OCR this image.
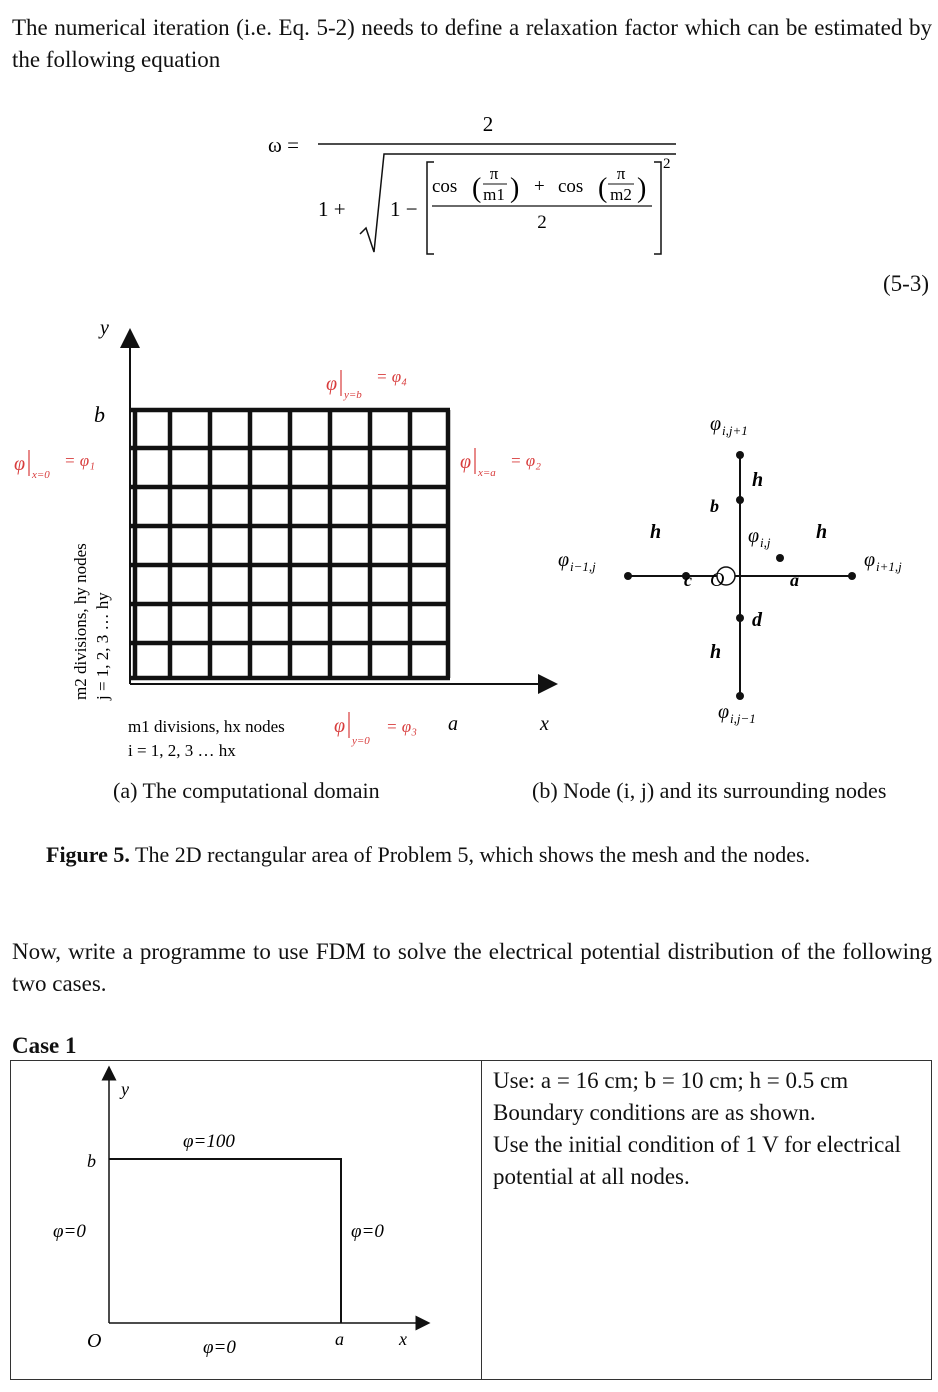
The numerical iteration (i.e. Eq. 5-2) needs to define a relaxation factor which can be estimated by the following equation
ω =
2
1 + 1 −
2
cos ( π
m1 ) + cos ( π
m2 )
2
(5-3)
y
x
b
a
φ y=b
= φ₄
φ x=0
= φ₁	φ x=a
= φ₂
φ
y=0
= φ₃
m2 divisions, hy nodes j = 1, 2, 3 … hy
m1 divisions, hx nodes
i = 1, 2, 3 … hx
(a) The computational domain
φ i,j+1
φ i,j
φ i−1,j	φ i+1,j
φ i,j−1
h
h	h
h
b
c	a
d
O
(b) Node (i, j) and its surrounding nodes
Figure 5. The 2D rectangular area of Problem 5, which shows the mesh and the nodes.
Now, write a programme to use FDM to solve the electrical potential distribution of the following two cases.
Case 1
y
x
b
a
O
φ=100
φ=0	φ=0
φ=0
Use: a = 16 cm; b = 10 cm; h = 0.5 cm
Boundary conditions are as shown.
Use the initial condition of 1 V for electrical
potential at all nodes.
